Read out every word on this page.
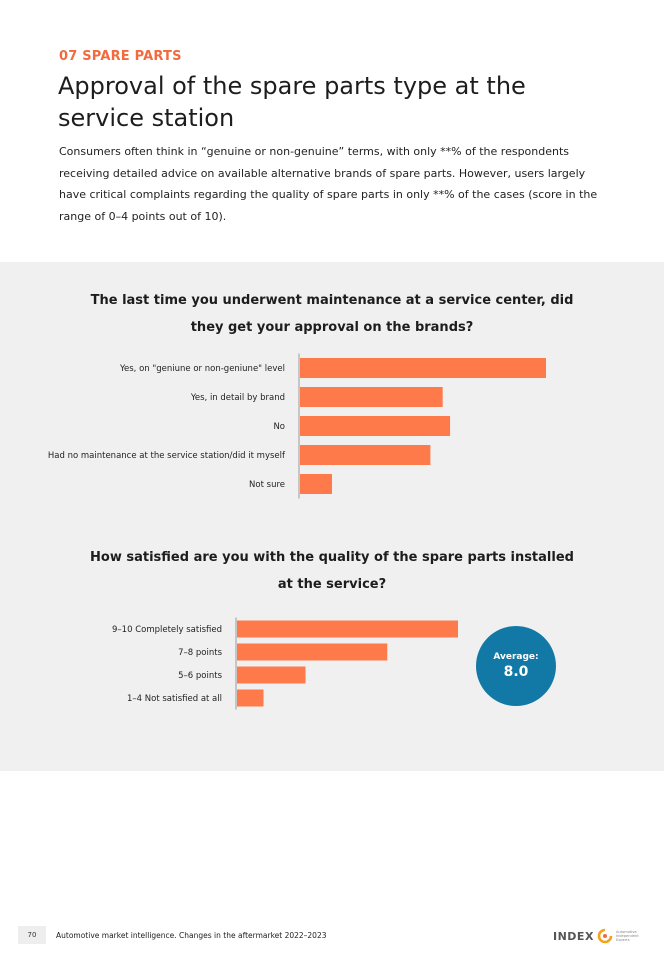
07 SPARE PARTS
Approval of the spare parts type at the service station

Consumers often think in “genuine or non-genuine” terms, with only **% of the respondents receiving detailed advice on available alternative brands of spare parts. However, users largely have critical complaints regarding the quality of spare parts in only **% of the cases (score in the range of 0–4 points out of 10).

The last time you underwent maintenance at a service center, did they get your approval on the brands?
How satisfied are you with the quality of the spare parts installed at the service?
Yes, on "geniune or non-geniune" level
Yes, in detail by brand
No
Had no maintenance at the service station/did it myself
Not sure
9–10 Completely satisfied
7–8 points
5–6 points
1–4 Not satisfied at all
Average:
8.0
70	Automotive market intelligence. Changes in the aftermarket 2022–2023	INDEX	Automotive Independent Experts
